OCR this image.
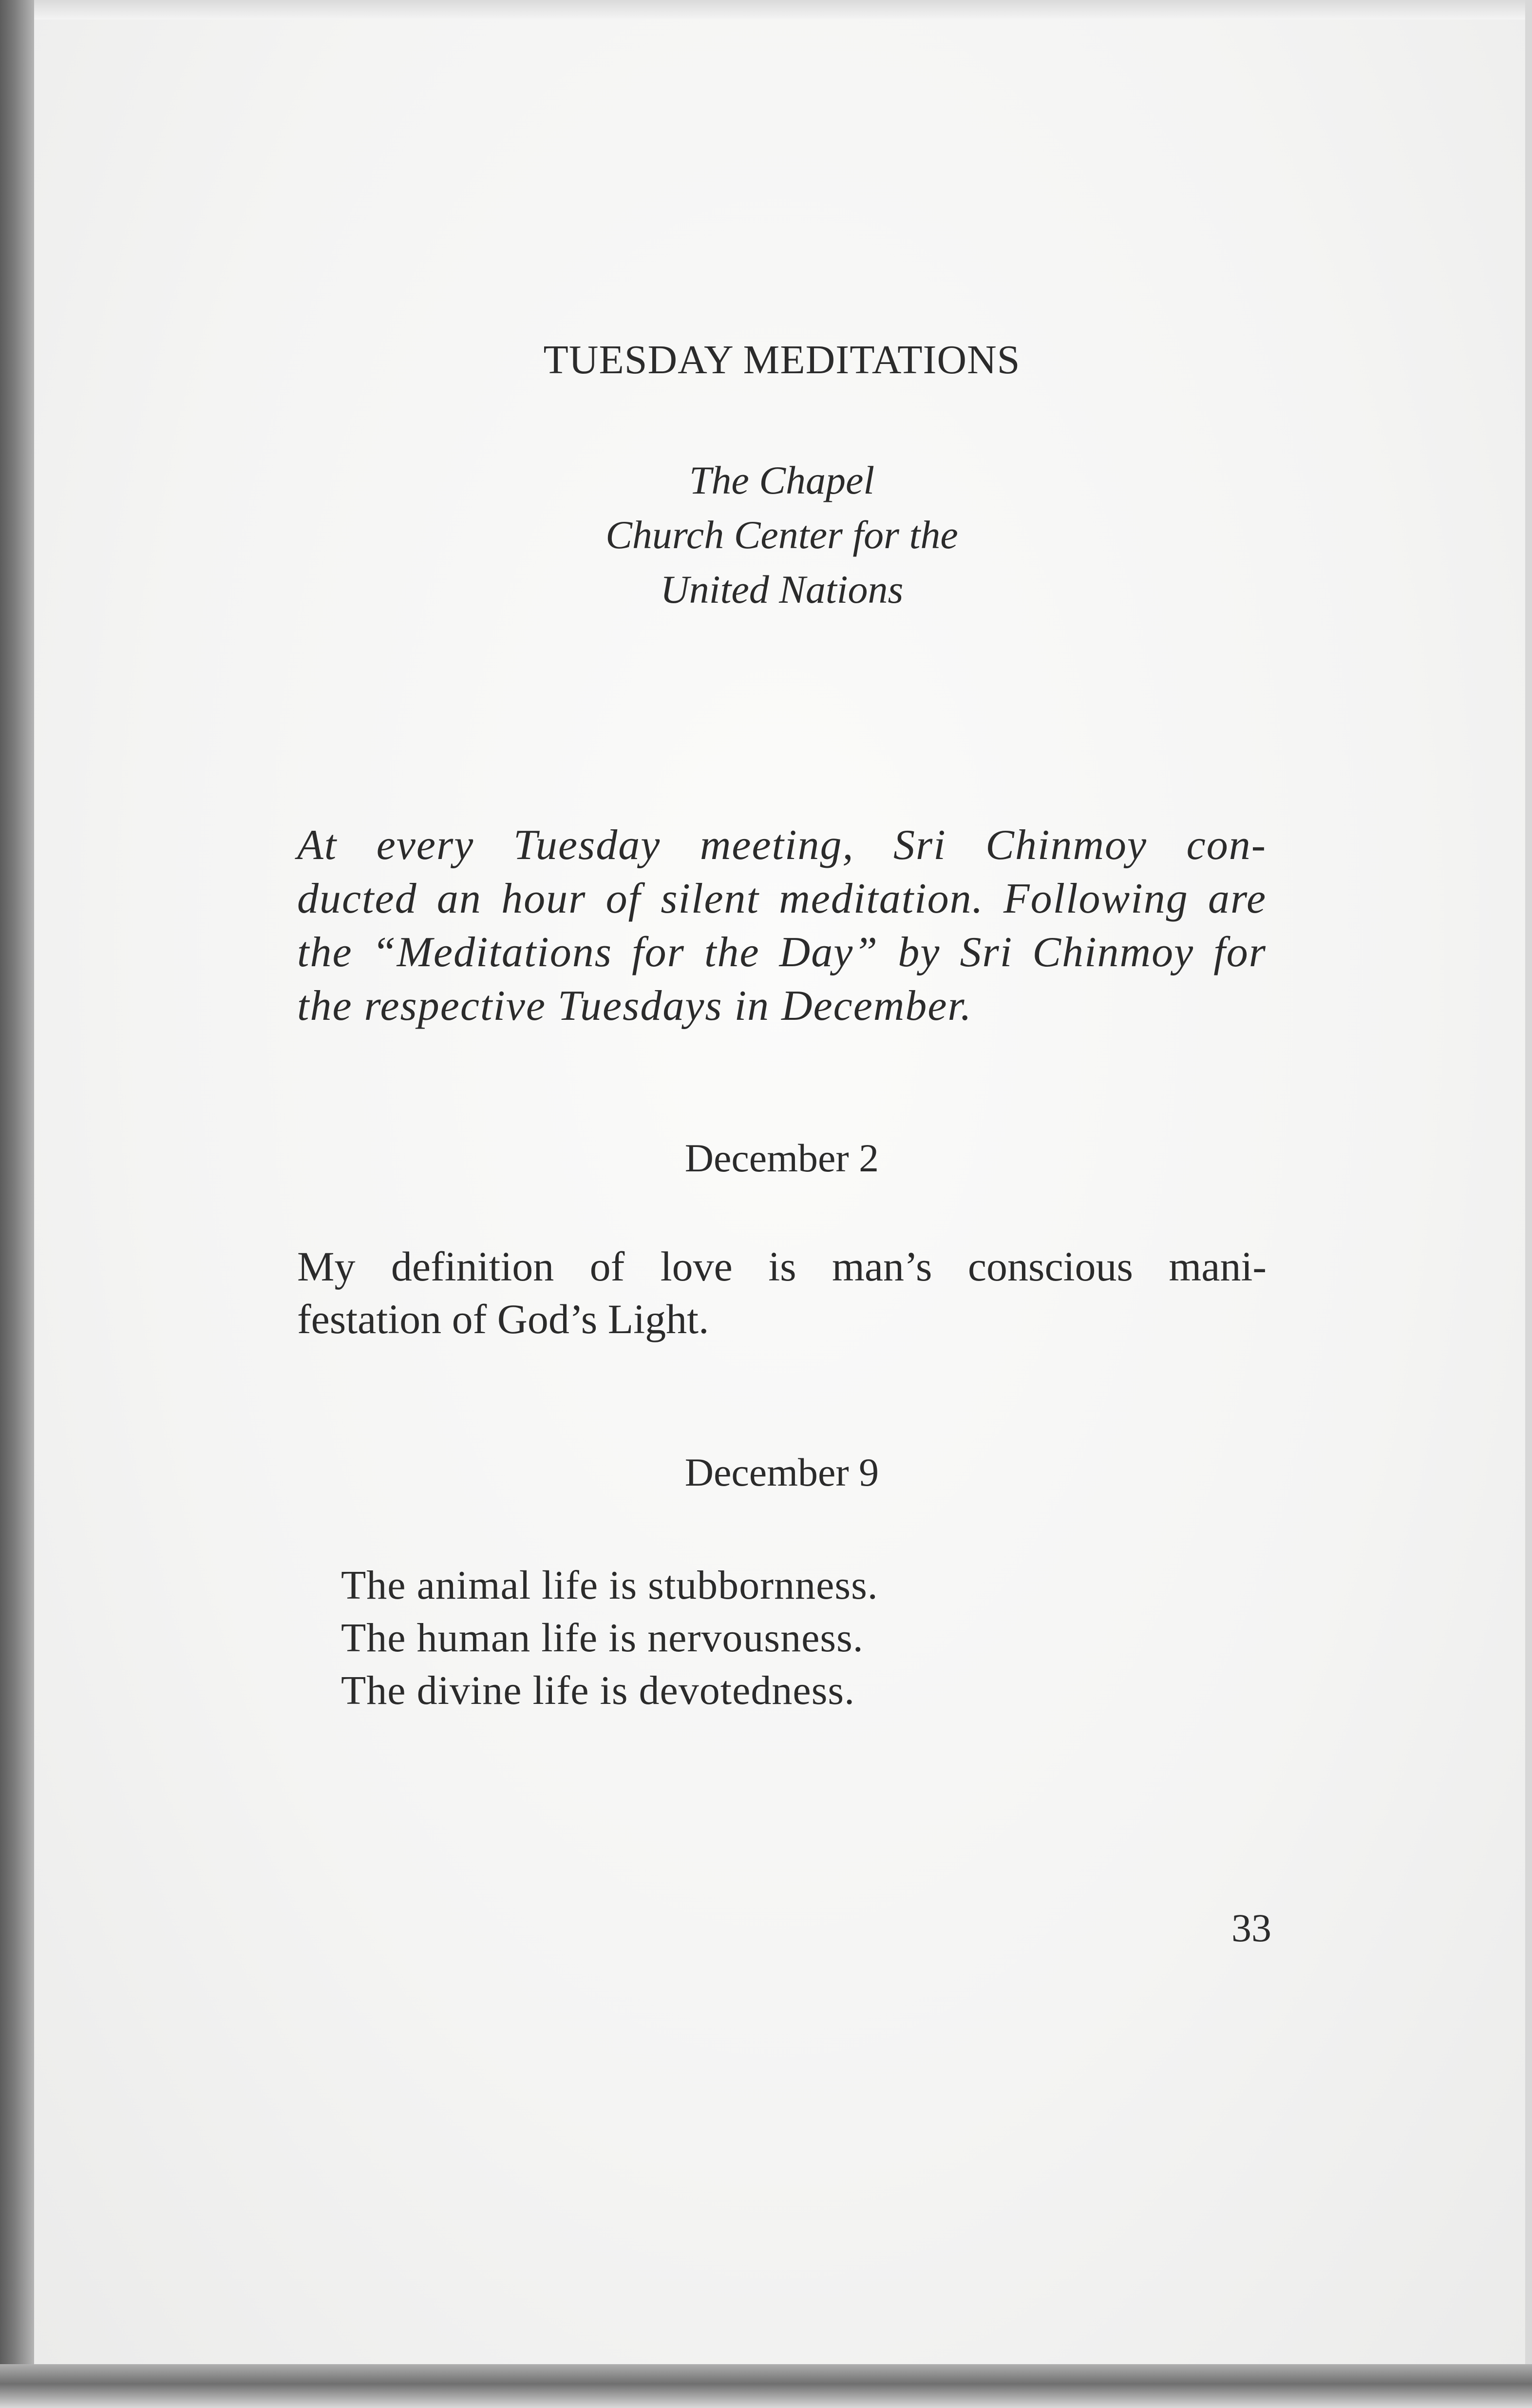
TUESDAY MEDITATIONS
The Chapel
Church Center for the
United Nations
At every Tuesday meeting, Sri Chinmoy con-
ducted an hour of silent meditation. Following are
the “Meditations for the Day” by Sri Chinmoy for
the respective Tuesdays in December.
December 2
My definition of love is man’s conscious mani-
festation of God’s Light.
December 9
The animal life is stubbornness.
The human life is nervousness.
The divine life is devotedness.
33
